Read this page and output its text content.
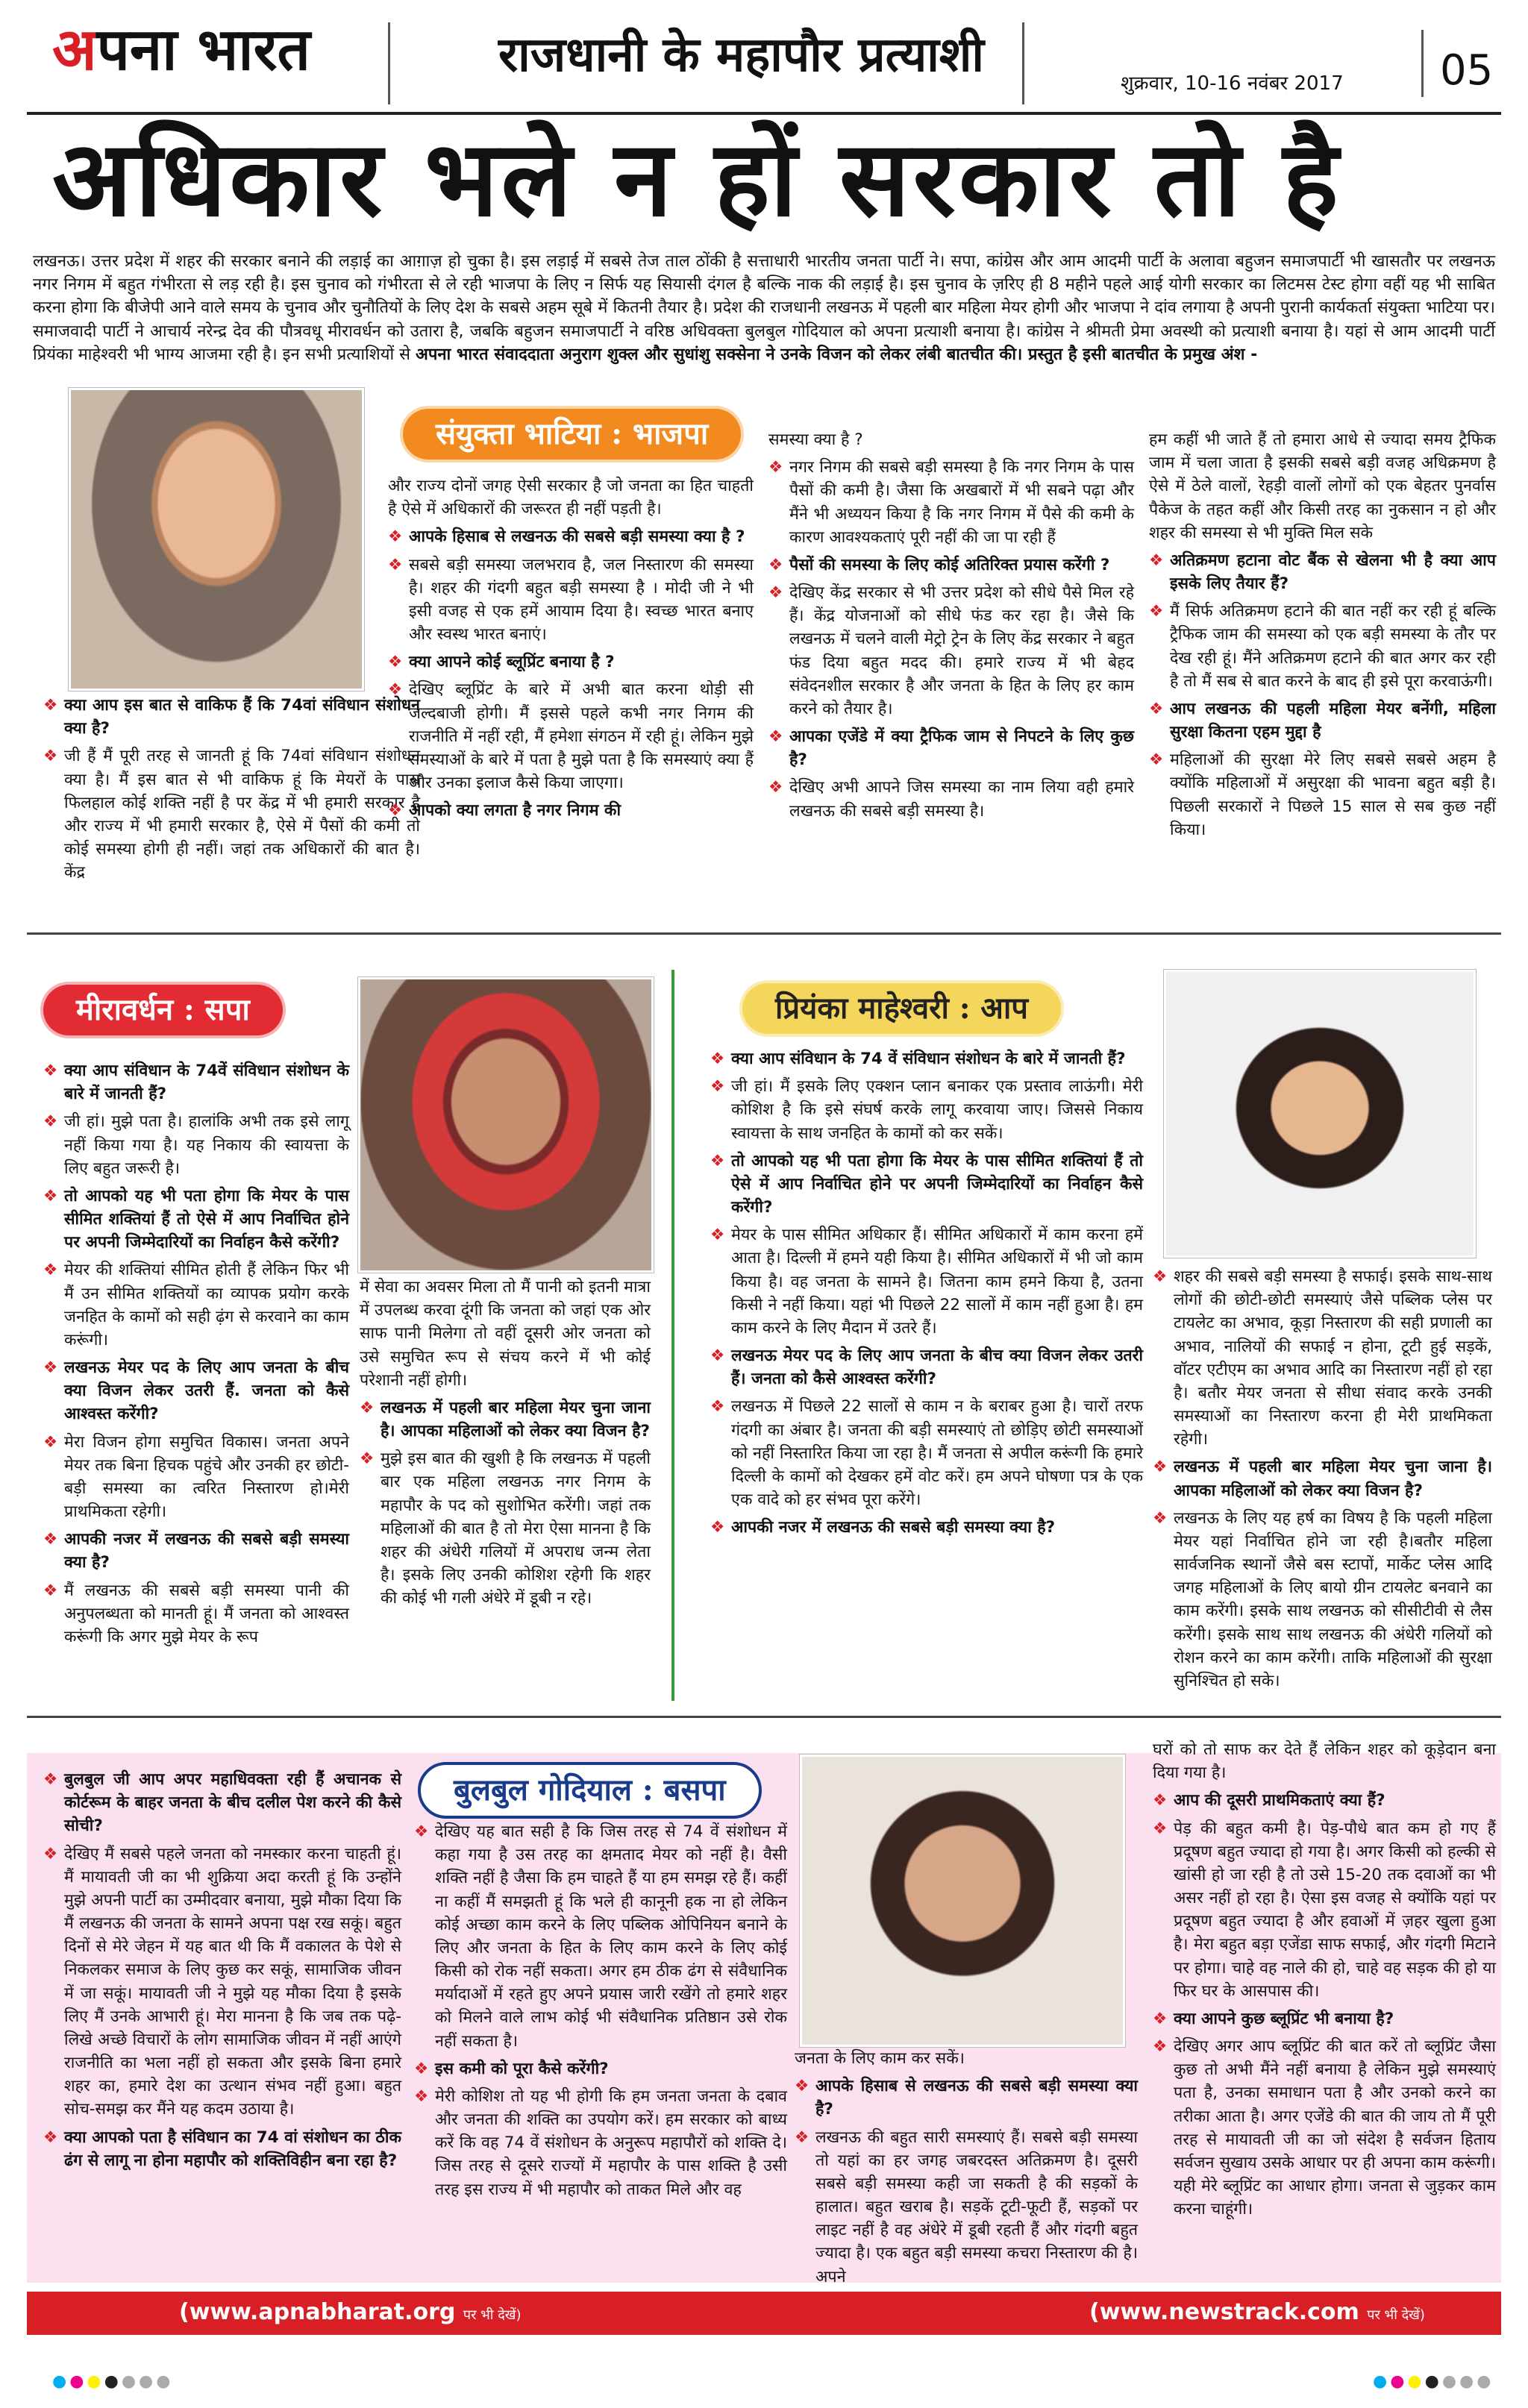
अपना भारत	राजधानी के महापौर प्रत्याशी
शुक्रवार, 10-16 नवंबर 2017 05
अधिकार भले न हों सरकार तो है
लखनऊ। उत्तर प्रदेश में शहर की सरकार बनाने की लड़ाई का आग़ाज़ हो चुका है। इस लड़ाई में सबसे तेज ताल ठोंकी है सत्ताधारी भारतीय जनता पार्टी ने। सपा, कांग्रेस और आम आदमी पार्टी के अलावा बहुजन समाजपार्टी भी खासतौर पर लखनऊ नगर निगम में बहुत गंभीरता से लड़ रही है। इस चुनाव को गंभीरता से ले रही भाजपा के लिए न सिर्फ यह सियासी दंगल है बल्कि नाक की लड़ाई है। इस चुनाव के ज़रिए ही 8 महीने पहले आई योगी सरकार का लिटमस टेस्ट होगा वहीं यह भी साबित करना होगा कि बीजेपी आने वाले समय के चुनाव और चुनौतियों के लिए देश के सबसे अहम सूबे में कितनी तैयार है। प्रदेश की राजधानी लखनऊ में पहली बार महिला मेयर होगी और भाजपा ने दांव लगाया है अपनी पुरानी कार्यकर्ता संयुक्ता भाटिया पर। समाजवादी पार्टी ने आचार्य नरेन्द्र देव की पौत्रवधू मीरावर्धन को उतारा है, जबकि बहुजन समाजपार्टी ने वरिष्ठ अधिवक्ता बुलबुल गोदियाल को अपना प्रत्याशी बनाया है। कांग्रेस ने श्रीमती प्रेमा अवस्थी को प्रत्याशी बनाया है। यहां से आम आदमी पार्टी प्रियंका माहेश्वरी भी भाग्य आजमा रही है। इन सभी प्रत्याशियों से अपना भारत संवाददाता अनुराग शुक्ल और सुधांशु सक्सेना ने उनके विजन को लेकर लंबी बातचीत की। प्रस्तुत है इसी बातचीत के प्रमुख अंश -
संयुक्ता भाटिया : भाजपा

❖ क्या आप इस बात से वाकिफ हैं कि 74वां संविधान संशोधन क्या है?

❖ जी हैं मैं पूरी तरह से जानती हूं कि 74वां संविधान संशोधन क्या है। मैं इस बात से भी वाकिफ हूं कि मेयरों के पास फिलहाल कोई शक्ति नहीं है पर केंद्र में भी हमारी सरकार है और राज्य में भी हमारी सरकार है, ऐसे में पैसों की कमी तो कोई समस्या होगी ही नहीं। जहां तक अधिकारों की बात है। केंद्र

और राज्य दोनों जगह ऐसी सरकार है जो जनता का हित चाहती है ऐसे में अधिकारों की जरूरत ही नहीं पड़ती है।

❖ आपके हिसाब से लखनऊ की सबसे बड़ी समस्या क्या है ?

❖ सबसे बड़ी समस्या जलभराव है, जल निस्तारण की समस्या है। शहर की गंदगी बहुत बड़ी समस्या है । मोदी जी ने भी इसी वजह से एक हमें आयाम दिया है। स्वच्छ भारत बनाए और स्वस्थ भारत बनाएं।

❖ क्या आपने कोई ब्लूप्रिंट बनाया है ?

❖ देखिए ब्लूप्रिंट के बारे में अभी बात करना थोड़ी सी जल्दबाजी होगी। मैं इससे पहले कभी नगर निगम की राजनीति में नहीं रही, मैं हमेशा संगठन में रही हूं। लेकिन मुझे समस्याओं के बारे में पता है मुझे पता है कि समस्याएं क्या हैं और उनका इलाज कैसे किया जाएगा।

❖ आपको क्या लगता है नगर निगम की

समस्या क्या है ?

❖ नगर निगम की सबसे बड़ी समस्या है कि नगर निगम के पास पैसों की कमी है। जैसा कि अखबारों में भी सबने पढ़ा और मैंने भी अध्ययन किया है कि नगर निगम में पैसे की कमी के कारण आवश्यकताएं पूरी नहीं की जा पा रही हैं

❖ पैसों की समस्या के लिए कोई अतिरिक्त प्रयास करेंगी ?

❖ देखिए केंद्र सरकार से भी उत्तर प्रदेश को सीधे पैसे मिल रहे हैं। केंद्र योजनाओं को सीधे फंड कर रहा है। जैसे कि लखनऊ में चलने वाली मेट्रो ट्रेन के लिए केंद्र सरकार ने बहुत फंड दिया बहुत मदद की। हमारे राज्य में भी बेहद संवेदनशील सरकार है और जनता के हित के लिए हर काम करने को तैयार है।

❖ आपका एजेंडे में क्या ट्रैफिक जाम से निपटने के लिए कुछ है?

❖ देखिए अभी आपने जिस समस्या का नाम लिया वही हमारे लखनऊ की सबसे बड़ी समस्या है।

हम कहीं भी जाते हैं तो हमारा आधे से ज्यादा समय ट्रैफिक जाम में चला जाता है इसकी सबसे बड़ी वजह अधिक्रमण है ऐसे में ठेले वालों, रेहड़ी वालों लोगों को एक बेहतर पुनर्वास पैकेज के तहत कहीं और किसी तरह का नुकसान न हो और शहर की समस्या से भी मुक्ति मिल सके

❖ अतिक्रमण हटाना वोट बैंक से खेलना भी है क्या आप इसके लिए तैयार हैं?

❖ मैं सिर्फ अतिक्रमण हटाने की बात नहीं कर रही हूं बल्कि ट्रैफिक जाम की समस्या को एक बड़ी समस्या के तौर पर देख रही हूं। मैंने अतिक्रमण हटाने की बात अगर कर रही है तो मैं सब से बात करने के बाद ही इसे पूरा करवाऊंगी।

❖ आप लखनऊ की पहली महिला मेयर बनेंगी, महिला सुरक्षा कितना एहम मुद्दा है

❖ महिलाओं की सुरक्षा मेरे लिए सबसे सबसे अहम है क्योंकि महिलाओं में असुरक्षा की भावना बहुत बड़ी है। पिछली सरकारों ने पिछले 15 साल से सब कुछ नहीं किया।

मीरावर्धन : सपा

❖ क्या आप संविधान के 74वें संविधान संशोधन के बारे में जानती हैं?

❖ जी हां। मुझे पता है। हालांकि अभी तक इसे लागू नहीं किया गया है। यह निकाय की स्वायत्ता के लिए बहुत जरूरी है।

❖ तो आपको यह भी पता होगा कि मेयर के पास सीमित शक्तियां हैं तो ऐसे में आप निर्वाचित होने पर अपनी जिम्मेदारियों का निर्वाहन कैसे करेंगी?

❖ मेयर की शक्तियां सीमित होती हैं लेकिन फिर भी मैं उन सीमित शक्तियों का व्यापक प्रयोग करके जनहित के कामों को सही ढ़ंग से करवाने का काम करूंगी।

❖ लखनऊ मेयर पद के लिए आप जनता के बीच क्या विजन लेकर उतरी हैं. जनता को कैसे आश्वस्त करेंगी?

❖ मेरा विजन होगा समुचित विकास। जनता अपने मेयर तक बिना हिचक पहुंचे और उनकी हर छोटी-बड़ी समस्या का त्वरित निस्तारण हो।मेरी प्राथमिकता रहेगी।

❖ आपकी नजर में लखनऊ की सबसे बड़ी समस्या क्या है?

❖ मैं लखनऊ की सबसे बड़ी समस्या पानी की अनुपलब्धता को मानती हूं। मैं जनता को आश्वस्त करूंगी कि अगर मुझे मेयर के रूप

में सेवा का अवसर मिला तो मैं पानी को इतनी मात्रा में उपलब्ध करवा दूंगी कि जनता को जहां एक ओर साफ पानी मिलेगा तो वहीं दूसरी ओर जनता को उसे समुचित रूप से संचय करने में भी कोई परेशानी नहीं होगी।

❖ लखनऊ में पहली बार महिला मेयर चुना जाना है। आपका महिलाओं को लेकर क्या विजन है?

❖ मुझे इस बात की खुशी है कि लखनऊ में पहली बार एक महिला लखनऊ नगर निगम के महापौर के पद को सुशोभित करेंगी। जहां तक महिलाओं की बात है तो मेरा ऐसा मानना है कि शहर की अंधेरी गलियों में अपराध जन्म लेता है। इसके लिए उनकी कोशिश रहेगी कि शहर की कोई भी गली अंधेरे में डूबी न रहे।

प्रियंका माहेश्वरी : आप

❖ क्या आप संविधान के 74 वें संविधान संशोधन के बारे में जानती हैं?

❖ जी हां। मैं इसके लिए एक्शन प्लान बनाकर एक प्रस्ताव लाऊंगी। मेरी कोशिश है कि इसे संघर्ष करके लागू करवाया जाए। जिससे निकाय स्वायत्ता के साथ जनहित के कामों को कर सकें।

❖ तो आपको यह भी पता होगा कि मेयर के पास सीमित शक्तियां हैं तो ऐसे में आप निर्वाचित होने पर अपनी जिम्मेदारियों का निर्वाहन कैसे करेंगी?

❖ मेयर के पास सीमित अधिकार हैं। सीमित अधिकारों में काम करना हमें आता है। दिल्ली में हमने यही किया है। सीमित अधिकारों में भी जो काम किया है। वह जनता के सामने है। जितना काम हमने किया है, उतना किसी ने नहीं किया। यहां भी पिछले 22 सालों में काम नहीं हुआ है। हम काम करने के लिए मैदान में उतरे हैं।

❖ लखनऊ मेयर पद के लिए आप जनता के बीच क्या विजन लेकर उतरी हैं। जनता को कैसे आश्वस्त करेंगी?

❖ लखनऊ में पिछले 22 सालों से काम न के बराबर हुआ है। चारों तरफ गंदगी का अंबार है। जनता की बड़ी समस्याएं तो छोड़िए छोटी समस्याओं को नहीं निस्तारित किया जा रहा है। मैं जनता से अपील करूंगी कि हमारे दिल्ली के कामों को देखकर हमें वोट करें। हम अपने घोषणा पत्र के एक एक वादे को हर संभव पूरा करेंगे।

❖ आपकी नजर में लखनऊ की सबसे बड़ी समस्या क्या है?

❖ शहर की सबसे बड़ी समस्या है सफाई। इसके साथ-साथ लोगों की छोटी-छोटी समस्याएं जैसे पब्लिक प्लेस पर टायलेट का अभाव, कूड़ा निस्तारण की सही प्रणाली का अभाव, नालियों की सफाई न होना, टूटी हुई सड़कें, वॉटर एटीएम का अभाव आदि का निस्तारण नहीं हो रहा है। बतौर मेयर जनता से सीधा संवाद करके उनकी समस्याओं का निस्तारण करना ही मेरी प्राथमिकता रहेगी।

❖ लखनऊ में पहली बार महिला मेयर चुना जाना है। आपका महिलाओं को लेकर क्या विजन है?

❖ लखनऊ के लिए यह हर्ष का विषय है कि पहली महिला मेयर यहां निर्वाचित होने जा रही है।बतौर महिला सार्वजनिक स्थानों जैसे बस स्टापों, मार्केट प्लेस आदि जगह महिलाओं के लिए बायो ग्रीन टायलेट बनवाने का काम करेंगी। इसके साथ लखनऊ को सीसीटीवी से लैस करेंगी। इसके साथ साथ लखनऊ की अंधेरी गलियों को रोशन करने का काम करेंगी। ताकि महिलाओं की सुरक्षा सुनिश्चित हो सके।

बुलबुल गोदियाल : बसपा

❖ बुलबुल जी आप अपर महाधिवक्ता रही हैं अचानक से कोर्टरूम के बाहर जनता के बीच दलील पेश करने की कैसे सोची?

❖ देखिए मैं सबसे पहले जनता को नमस्कार करना चाहती हूं। मैं मायावती जी का भी शुक्रिया अदा करती हूं कि उन्होंने मुझे अपनी पार्टी का उम्मीदवार बनाया, मुझे मौका दिया कि मैं लखनऊ की जनता के सामने अपना पक्ष रख सकूं। बहुत दिनों से मेरे जेहन में यह बात थी कि मैं वकालत के पेशे से निकलकर समाज के लिए कुछ कर सकूं, सामाजिक जीवन में जा सकूं। मायावती जी ने मुझे यह मौका दिया है इसके लिए मैं उनके आभारी हूं। मेरा मानना है कि जब तक पढ़े-लिखे अच्छे विचारों के लोग सामाजिक जीवन में नहीं आएंगे राजनीति का भला नहीं हो सकता और इसके बिना हमारे शहर का, हमारे देश का उत्थान संभव नहीं हुआ। बहुत सोच-समझ कर मैंने यह कदम उठाया है।

❖ क्या आपको पता है संविधान का 74 वां संशोधन का ठीक ढंग से लागू ना होना महापौर को शक्तिविहीन बना रहा है?

❖ देखिए यह बात सही है कि जिस तरह से 74 वें संशोधन में कहा गया है उस तरह का क्षमताद मेयर को नहीं है। वैसी शक्ति नहीं है जैसा कि हम चाहते हैं या हम समझ रहे हैं। कहीं ना कहीं मैं समझती हूं कि भले ही कानूनी हक ना हो लेकिन कोई अच्छा काम करने के लिए पब्लिक ओपिनियन बनाने के लिए और जनता के हित के लिए काम करने के लिए कोई किसी को रोक नहीं सकता। अगर हम ठीक ढंग से संवैधानिक मर्यादाओं में रहते हुए अपने प्रयास जारी रखेंगे तो हमारे शहर को मिलने वाले लाभ कोई भी संवैधानिक प्रतिष्ठान उसे रोक नहीं सकता है।

❖ इस कमी को पूरा कैसे करेंगी?

❖ मेरी कोशिश तो यह भी होगी कि हम जनता जनता के दबाव और जनता की शक्ति का उपयोग करें। हम सरकार को बाध्य करें कि वह 74 वें संशोधन के अनुरूप महापौरों को शक्ति दे। जिस तरह से दूसरे राज्यों में महापौर के पास शक्ति है उसी तरह इस राज्य में भी महापौर को ताकत मिले और वह

जनता के लिए काम कर सकें।

❖ आपके हिसाब से लखनऊ की सबसे बड़ी समस्या क्या है?

❖ लखनऊ की बहुत सारी समस्याएं हैं। सबसे बड़ी समस्या तो यहां का हर जगह जबरदस्त अतिक्रमण है। दूसरी सबसे बड़ी समस्या कही जा सकती है की सड़कों के हालात। बहुत खराब है। सड़कें टूटी-फूटी हैं, सड़कों पर लाइट नहीं है वह अंधेरे में डूबी रहती हैं और गंदगी बहुत ज्यादा है। एक बहुत बड़ी समस्या कचरा निस्तारण की है। अपने

घरों को तो साफ कर देते हैं लेकिन शहर को कूड़ेदान बना दिया गया है।

❖ आप की दूसरी प्राथमिकताएं क्या हैं?

❖ पेड़ की बहुत कमी है। पेड़-पौधे बात कम हो गए हैं प्रदूषण बहुत ज्यादा हो गया है। अगर किसी को हल्की से खांसी हो जा रही है तो उसे 15-20 तक दवाओं का भी असर नहीं हो रहा है। ऐसा इस वजह से क्योंकि यहां पर प्रदूषण बहुत ज्यादा है और हवाओं में ज़हर खुला हुआ है। मेरा बहुत बड़ा एजेंडा साफ सफाई, और गंदगी मिटाने पर होगा। चाहे वह नाले की हो, चाहे वह सड़क की हो या फिर घर के आसपास की।

❖ क्या आपने कुछ ब्लूप्रिंट भी बनाया है?

❖ देखिए अगर आप ब्लूप्रिंट की बात करें तो ब्लूप्रिंट जैसा कुछ तो अभी मैंने नहीं बनाया है लेकिन मुझे समस्याएं पता है, उनका समाधान पता है और उनको करने का तरीका आता है। अगर एजेंडे की बात की जाय तो मैं पूरी तरह से मायावती जी का जो संदेश है सर्वजन हिताय सर्वजन सुखाय उसके आधार पर ही अपना काम करूंगी। यही मेरे ब्लूप्रिंट का आधार होगा। जनता से जुड़कर काम करना चाहूंगी।

(www.apnabharat.org पर भी देखें)	(www.newstrack.com पर भी देखें)
●●●●●●●	●●●●●●●
